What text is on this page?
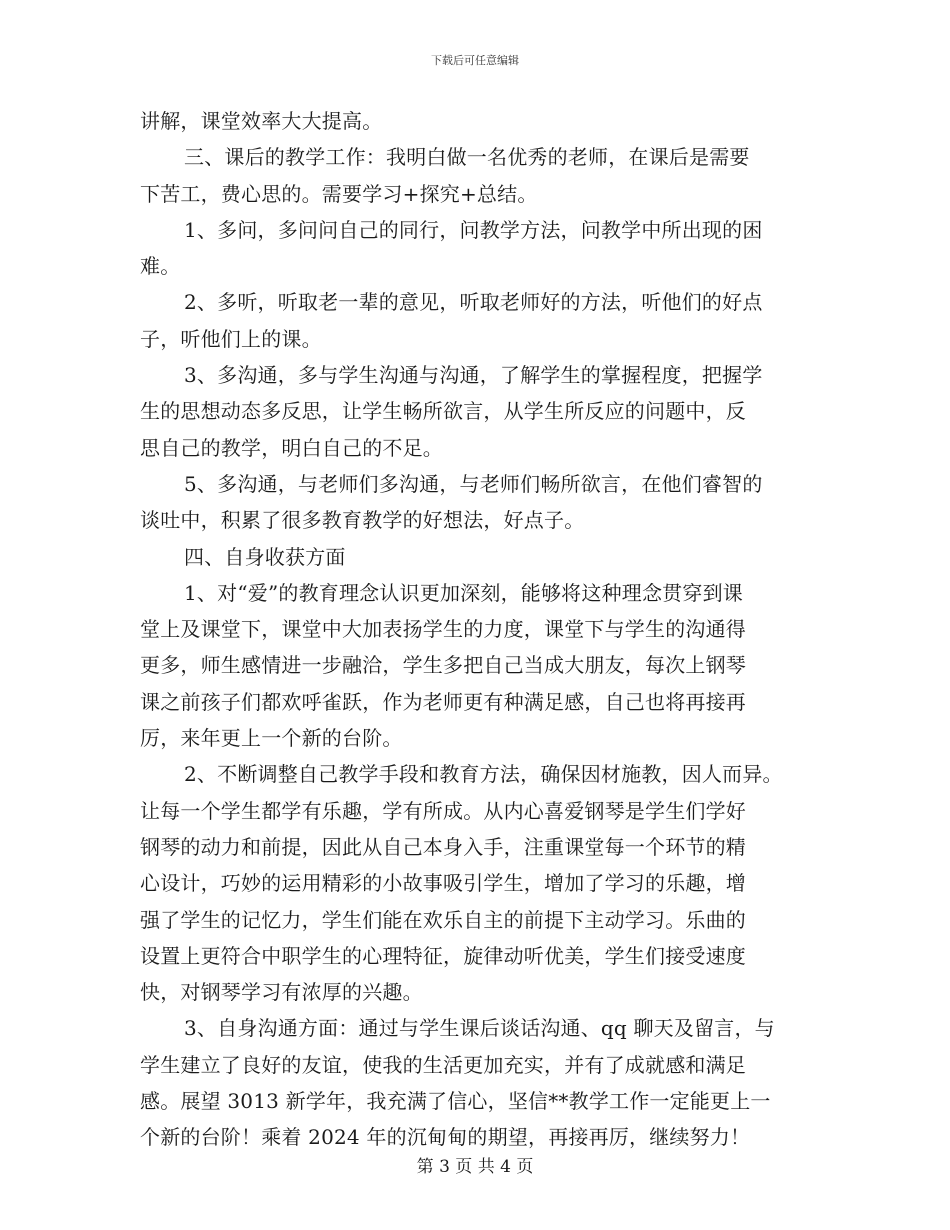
下载后可任意编辑
讲解，课堂效率大大提高。
三、课后的教学工作：我明白做一名优秀的老师，在课后是需要
下苦工，费心思的。需要学习+探究+总结。
1、多问，多问问自己的同行，问教学方法，问教学中所出现的困
难。
2、多听，听取老一辈的意见，听取老师好的方法，听他们的好点
子，听他们上的课。
3、多沟通，多与学生沟通与沟通，了解学生的掌握程度，把握学
生的思想动态多反思，让学生畅所欲言，从学生所反应的问题中，反
思自己的教学，明白自己的不足。
5、多沟通，与老师们多沟通，与老师们畅所欲言，在他们睿智的
谈吐中，积累了很多教育教学的好想法，好点子。
四、自身收获方面
1、对“爱”的教育理念认识更加深刻，能够将这种理念贯穿到课
堂上及课堂下，课堂中大加表扬学生的力度，课堂下与学生的沟通得
更多，师生感情进一步融洽，学生多把自己当成大朋友，每次上钢琴
课之前孩子们都欢呼雀跃，作为老师更有种满足感，自己也将再接再
厉，来年更上一个新的台阶。
2、不断调整自己教学手段和教育方法，确保因材施教，因人而异。
让每一个学生都学有乐趣，学有所成。从内心喜爱钢琴是学生们学好
钢琴的动力和前提，因此从自己本身入手，注重课堂每一个环节的精
心设计，巧妙的运用精彩的小故事吸引学生，增加了学习的乐趣，增
强了学生的记忆力，学生们能在欢乐自主的前提下主动学习。乐曲的
设置上更符合中职学生的心理特征，旋律动听优美，学生们接受速度
快，对钢琴学习有浓厚的兴趣。
3、自身沟通方面：通过与学生课后谈话沟通、qq 聊天及留言，与
学生建立了良好的友谊，使我的生活更加充实，并有了成就感和满足
感。展望 3013 新学年，我充满了信心，坚信**教学工作一定能更上一
个新的台阶！乘着 2024 年的沉甸甸的期望，再接再厉，继续努力！
第 3 页 共 4 页
